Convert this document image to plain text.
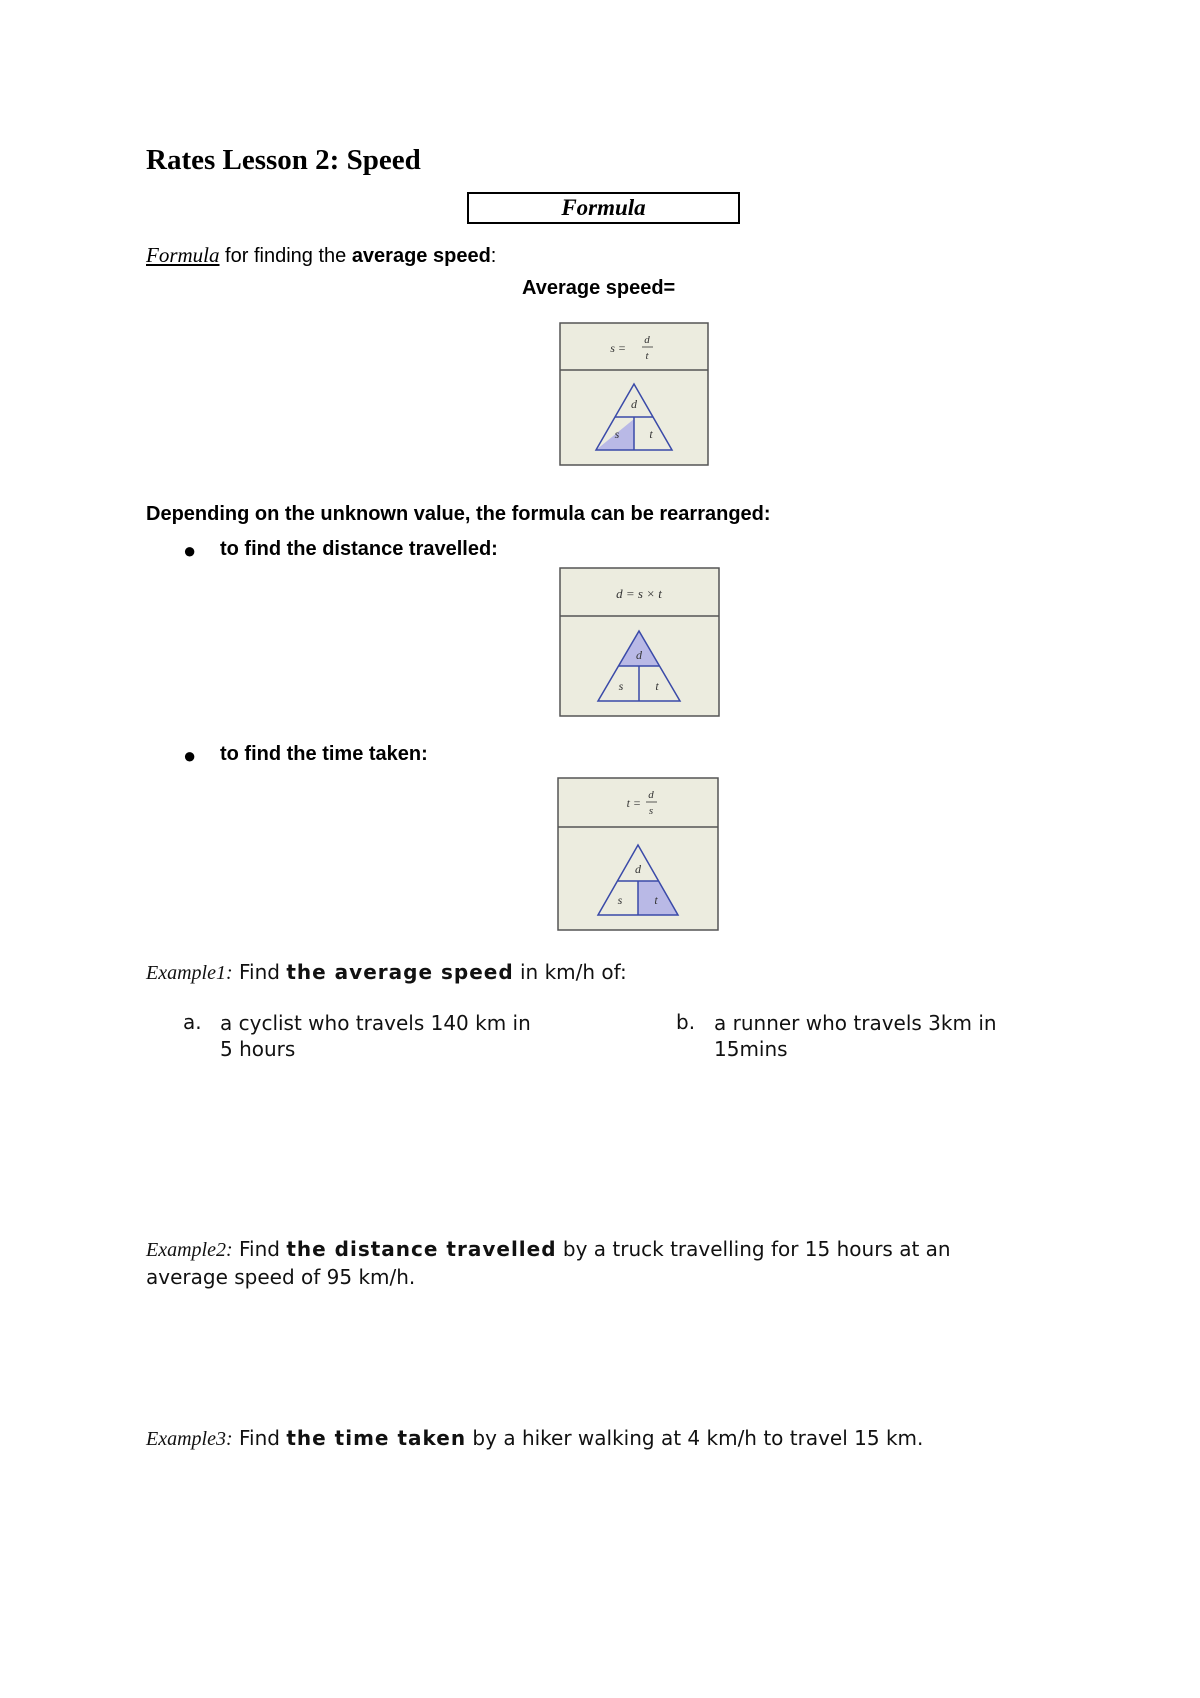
Rates Lesson 2: Speed
Formula
Formula for finding the average speed:
Average speed=
s =
d
t
d
s t
Depending on the unknown value, the formula can be rearranged:
● to find the distance travelled:
d = s × t
d
s	t
● to find the time taken:
t =
d
s
d
s	t
Example1: Find the average speed in km/h of:
a. a cyclist who travels 140 km in
5 hours
b. a runner who travels 3km in
15mins
Example2: Find the distance travelled by a truck travelling for 15 hours at an
average speed of 95 km/h.
Example3: Find the time taken by a hiker walking at 4 km/h to travel 15 km.
